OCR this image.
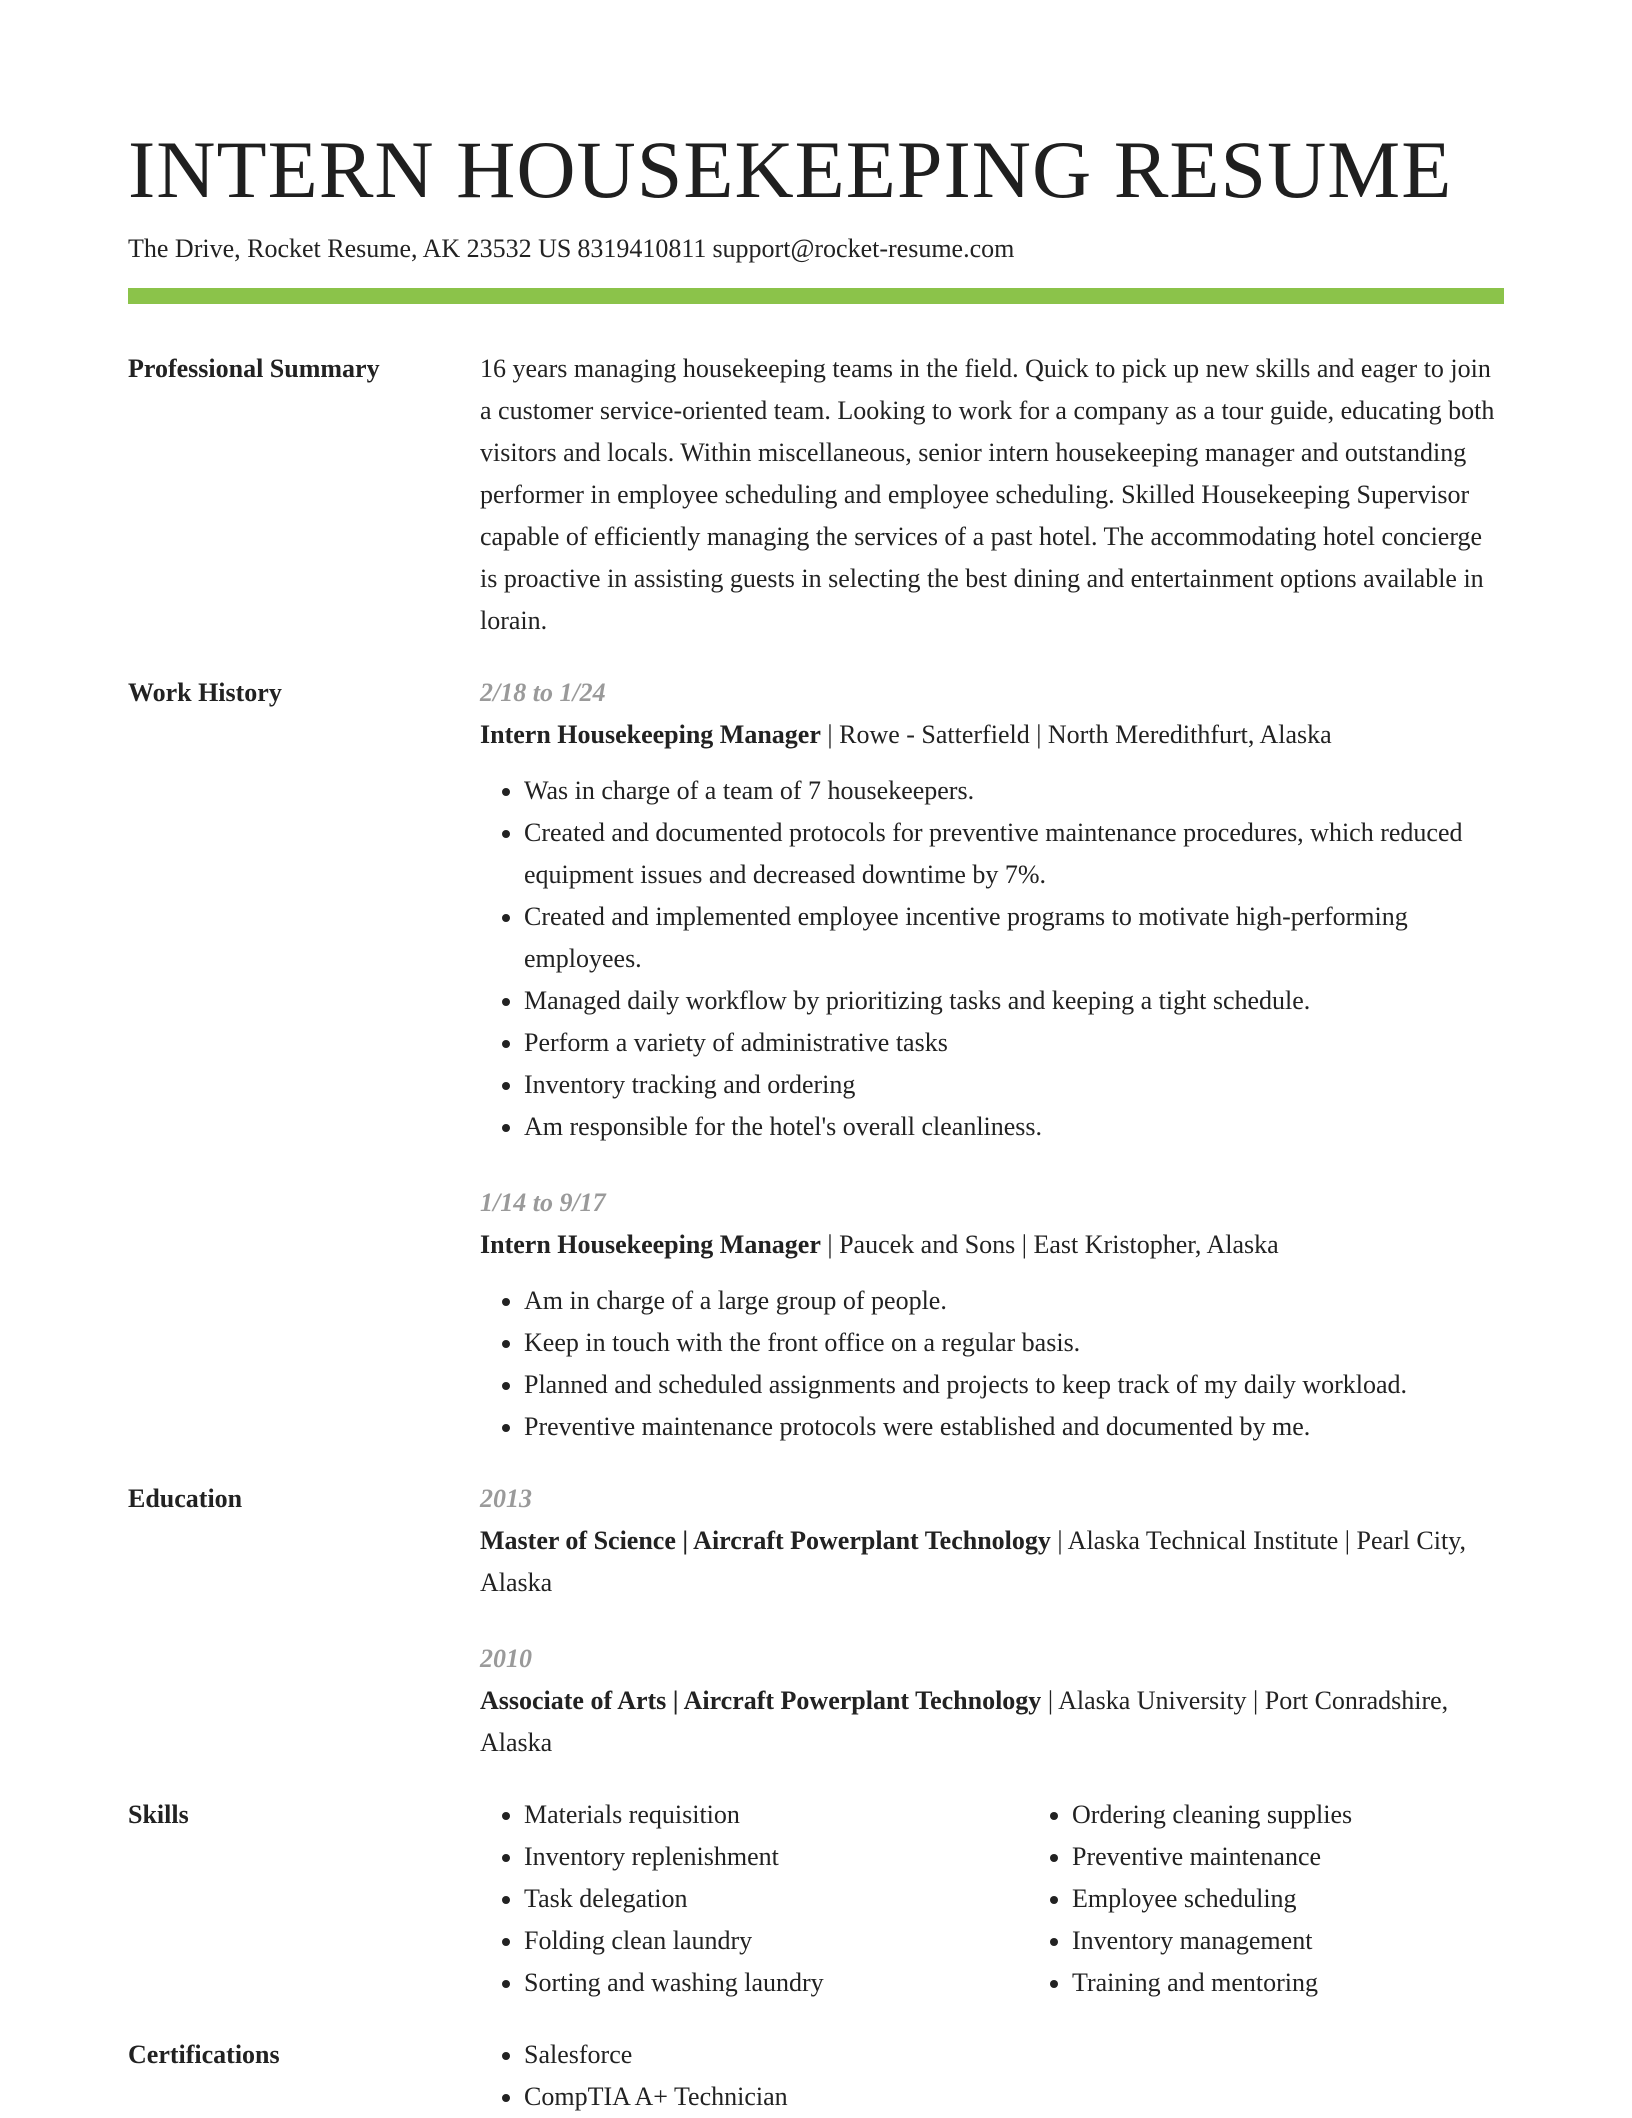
INTERN HOUSEKEEPING RESUME
The Drive, Rocket Resume, AK 23532 US 8319410811 support@rocket-resume.com
Professional Summary	16 years managing housekeeping teams in the field. Quick to pick up new skills and eager to join a customer service-oriented team. Looking to work for a company as a tour guide, educating both visitors and locals. Within miscellaneous, senior intern housekeeping manager and outstanding performer in employee scheduling and employee scheduling. Skilled Housekeeping Supervisor capable of efficiently managing the services of a past hotel. The accommodating hotel concierge is proactive in assisting guests in selecting the best dining and entertainment options available in lorain.

Work History	2/18 to 1/24
Intern Housekeeping Manager | Rowe - Satterfield | North Meredithfurt, Alaska
• Was in charge of a team of 7 housekeepers.
• Created and documented protocols for preventive maintenance procedures, which reduced equipment issues and decreased downtime by 7%.
• Created and implemented employee incentive programs to motivate high-performing employees.
• Managed daily workflow by prioritizing tasks and keeping a tight schedule.
• Perform a variety of administrative tasks
• Inventory tracking and ordering
• Am responsible for the hotel's overall cleanliness.
1/14 to 9/17
Intern Housekeeping Manager | Paucek and Sons | East Kristopher, Alaska
• Am in charge of a large group of people.
• Keep in touch with the front office on a regular basis.
• Planned and scheduled assignments and projects to keep track of my daily workload.
• Preventive maintenance protocols were established and documented by me.
Education	2013
Master of Science | Aircraft Powerplant Technology | Alaska Technical Institute | Pearl City, Alaska
2010
Associate of Arts | Aircraft Powerplant Technology | Alaska University | Port Conradshire, Alaska
Skills	• Materials requisition
• Inventory replenishment
• Task delegation
• Folding clean laundry
• Sorting and washing laundry
• Ordering cleaning supplies
• Preventive maintenance
• Employee scheduling
• Inventory management
• Training and mentoring
Certifications	• Salesforce
• CompTIA A+ Technician
